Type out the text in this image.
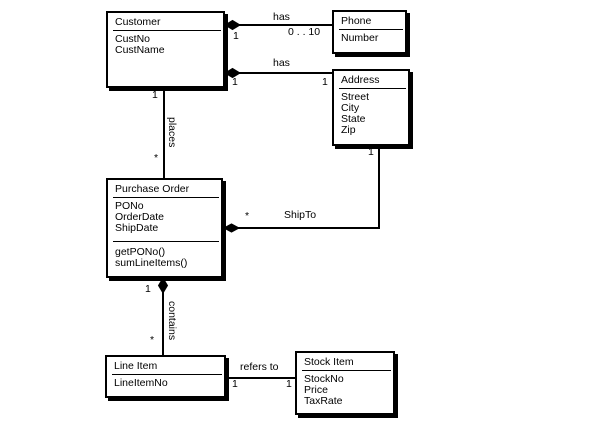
Customer
CustNo
CustName
Phone
Number
Address
Street
City
State
Zip
Purchase Order
PONo
OrderDate
ShipDate
getPONo()
sumLineItems()
Line Item
LineItemNo
Stock Item
StockNo
Price
TaxRate
has
1	0 . . 10
has
1	1
1
places
*
*	ShipTo
1
1
contains
*
refers to
1	1
